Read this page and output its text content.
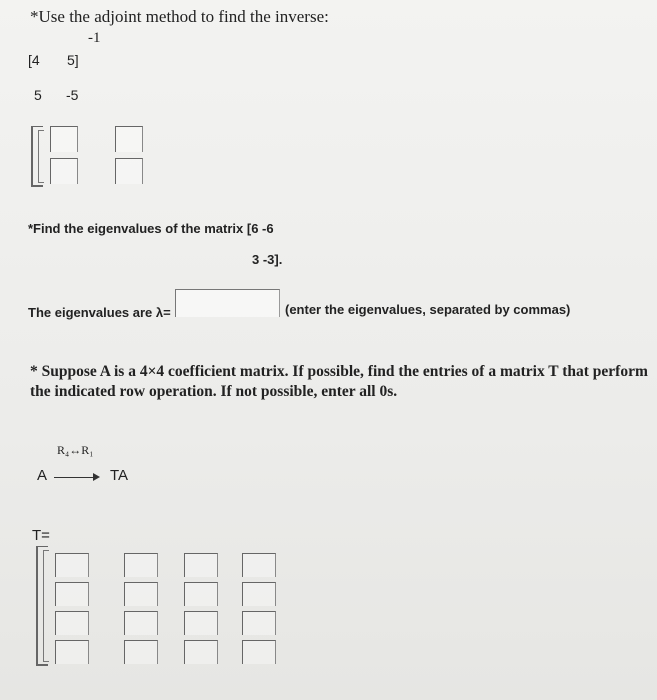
*Use the adjoint method to find the inverse:
-1
[4 5]
5 -5
*Find the eigenvalues of the matrix [6 -6
3 -3].
The eigenvalues are λ=	(enter the eigenvalues, separated by commas)
* Suppose A is a 4×4 coefficient matrix. If possible, find the entries of a matrix T that perform
the indicated row operation. If not possible, enter all 0s.
R₄↔R₁
A	TA
T=
